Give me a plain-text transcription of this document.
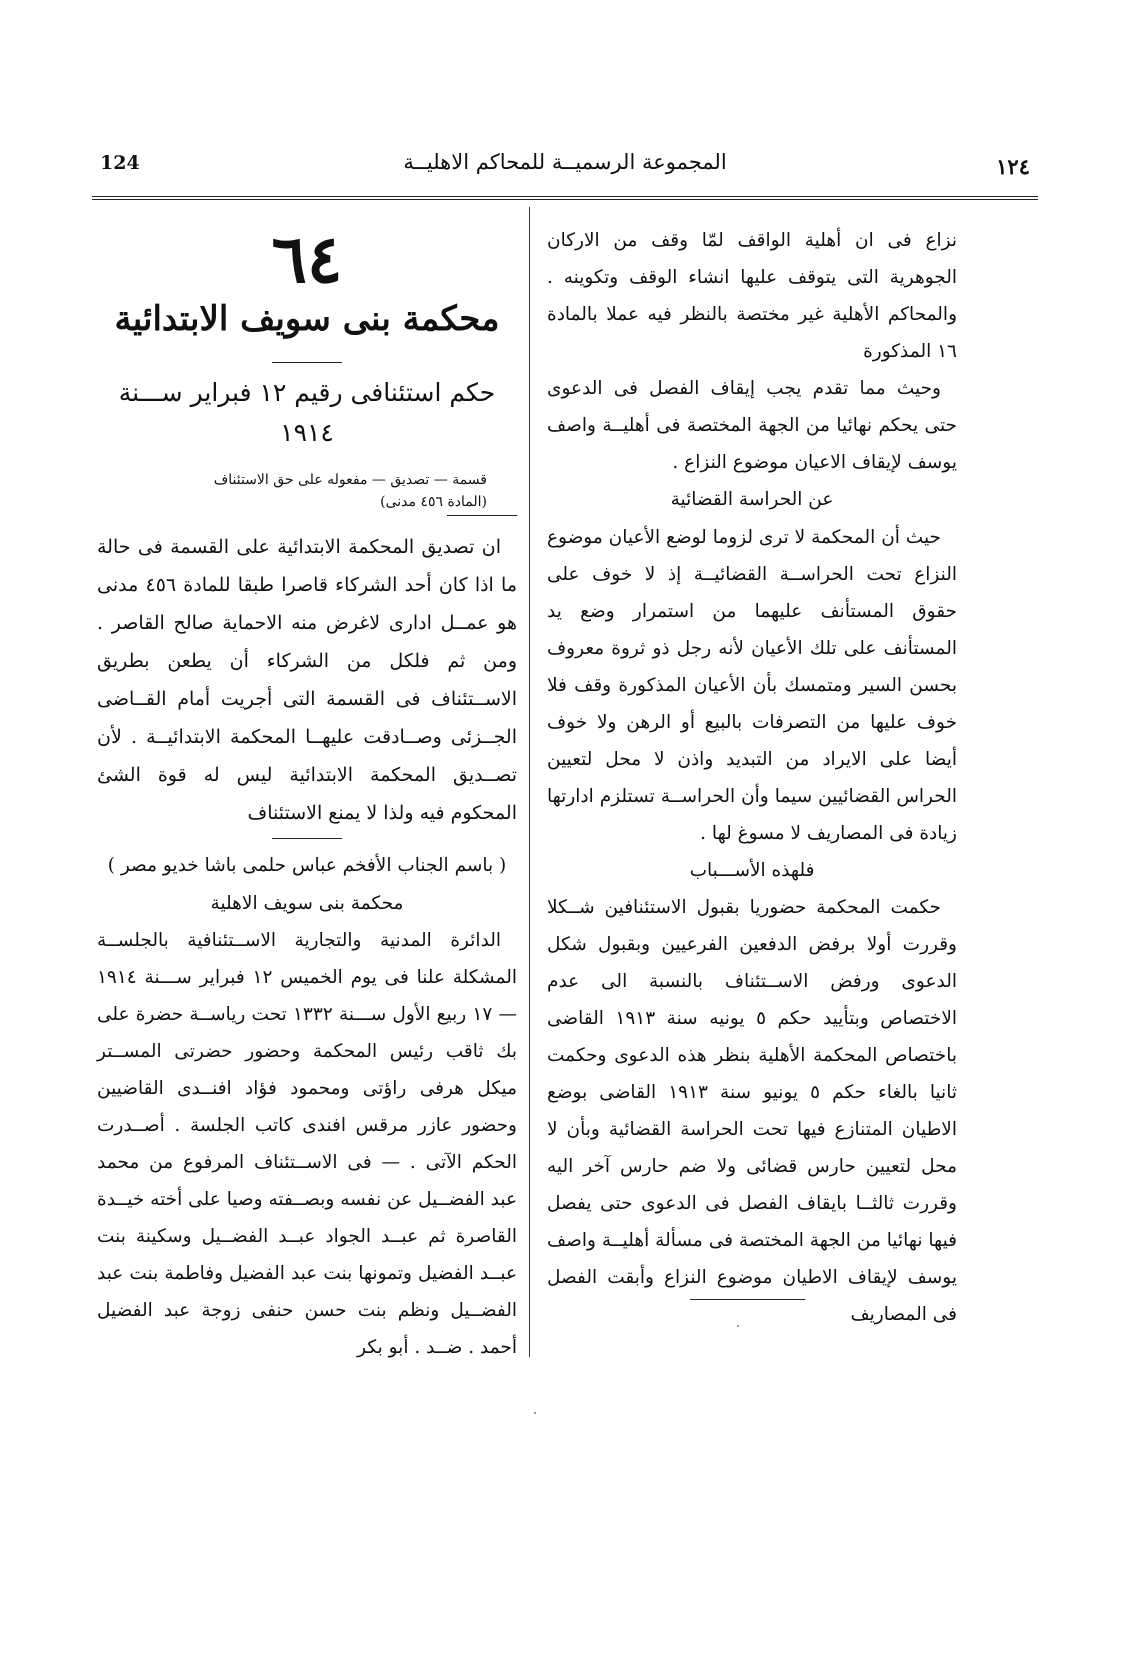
124	المجموعة الرسميــة للمحاكم الاهليــة	١٢٤

نزاع فى ان أهلية الواقف لمّا وقف من الاركان الجوهرية التى يتوقف عليها انشاء الوقف وتكوينه . والمحاكم الأهلية غير مختصة بالنظر فيه عملا بالمادة ١٦ المذكورة

وحيث مما تقدم يجب إيقاف الفصل فى الدعوى حتى يحكم نهائيا من الجهة المختصة فى أهليــة واصف يوسف لإيقاف الاعيان موضوع النزاع .

عن الحراسة القضائية

حيث أن المحكمة لا ترى لزوما لوضع الأعيان موضوع النزاع تحت الحراســة القضائيــة إذ لا خوف على حقوق المستأنف عليهما من استمرار وضع يد المستأنف على تلك الأعيان لأنه رجل ذو ثروة معروف بحسن السير ومتمسك بأن الأعيان المذكورة وقف فلا خوف عليها من التصرفات بالبيع أو الرهن ولا خوف أيضا على الايراد من التبديد واذن لا محل لتعيين الحراس القضائيين سيما وأن الحراســة تستلزم ادارتها زيادة فى المصاريف لا مسوغ لها .

فلهذه الأســـباب

حكمت المحكمة حضوريا بقبول الاستئنافين شــكلا وقررت أولا برفض الدفعين الفرعيين وبقبول شكل الدعوى ورفض الاســتئناف بالنسبة الى عدم الاختصاص وبتأييد حكم ٥ يونيه سنة ١٩١٣ القاضى باختصاص المحكمة الأهلية بنظر هذه الدعوى وحكمت ثانيا بالغاء حكم ٥ يونيو سنة ١٩١٣ القاضى بوضع الاطيان المتنازع فيها تحت الحراسة القضائية وبأن لا محل لتعيين حارس قضائى ولا ضم حارس آخر اليه وقررت ثالثــا بايقاف الفصل فى الدعوى حتى يفصل فيها نهائيا من الجهة المختصة فى مسألة أهليــة واصف يوسف لإيقاف الاطيان موضوع النزاع وأبقت الفصل فى المصاريف

٦٤
محكمة بنى سويف الابتدائية
حكم استئنافى رقيم ١٢ فبراير ســـنة ١٩١٤
قسمة — تصديق — مفعوله على حق الاستئناف
(المادة ٤٥٦ مدنى)

ان تصديق المحكمة الابتدائية على القسمة فى حالة ما اذا كان أحد الشركاء قاصرا طبقا للمادة ٤٥٦ مدنى هو عمــل ادارى لاغرض منه الاحماية صالح القاصر . ومن ثم فلكل من الشركاء أن يطعن بطريق الاســتئناف فى القسمة التى أجريت أمام القــاضى الجــزئى وصــادقت عليهــا المحكمة الابتدائيــة . لأن تصــديق المحكمة الابتدائية ليس له قوة الشئ المحكوم فيه ولذا لا يمنع الاستئناف

( باسم الجناب الأفخم عباس حلمى باشا خديو مصر )

محكمة بنى سويف الاهلية

الدائرة المدنية والتجارية الاســتئنافية بالجلســة المشكلة علنا فى يوم الخميس ١٢ فبراير ســـنة ١٩١٤ — ١٧ ربيع الأول ســـنة ١٣٣٢ تحت رياســة حضرة على بك ثاقب رئيس المحكمة وحضور حضرتى المســتر ميكل هرفى راؤتى ومحمود فؤاد افنــدى القاضيين وحضور عازر مرقس افندى كاتب الجلسة . أصــدرت الحكم الآتى . — فى الاســتئناف المرفوع من محمد عبد الفضــيل عن نفسه وبصــفته وصيا على أخته خيــدة القاصرة ثم عبــد الجواد عبــد الفضــيل وسكينة بنت عبــد الفضيل وتمونها بنت عبد الفضيل وفاطمة بنت عبد الفضــيل ونظم بنت حسن حنفى زوجة عبد الفضيل أحمد . ضــد . أبو بكر
